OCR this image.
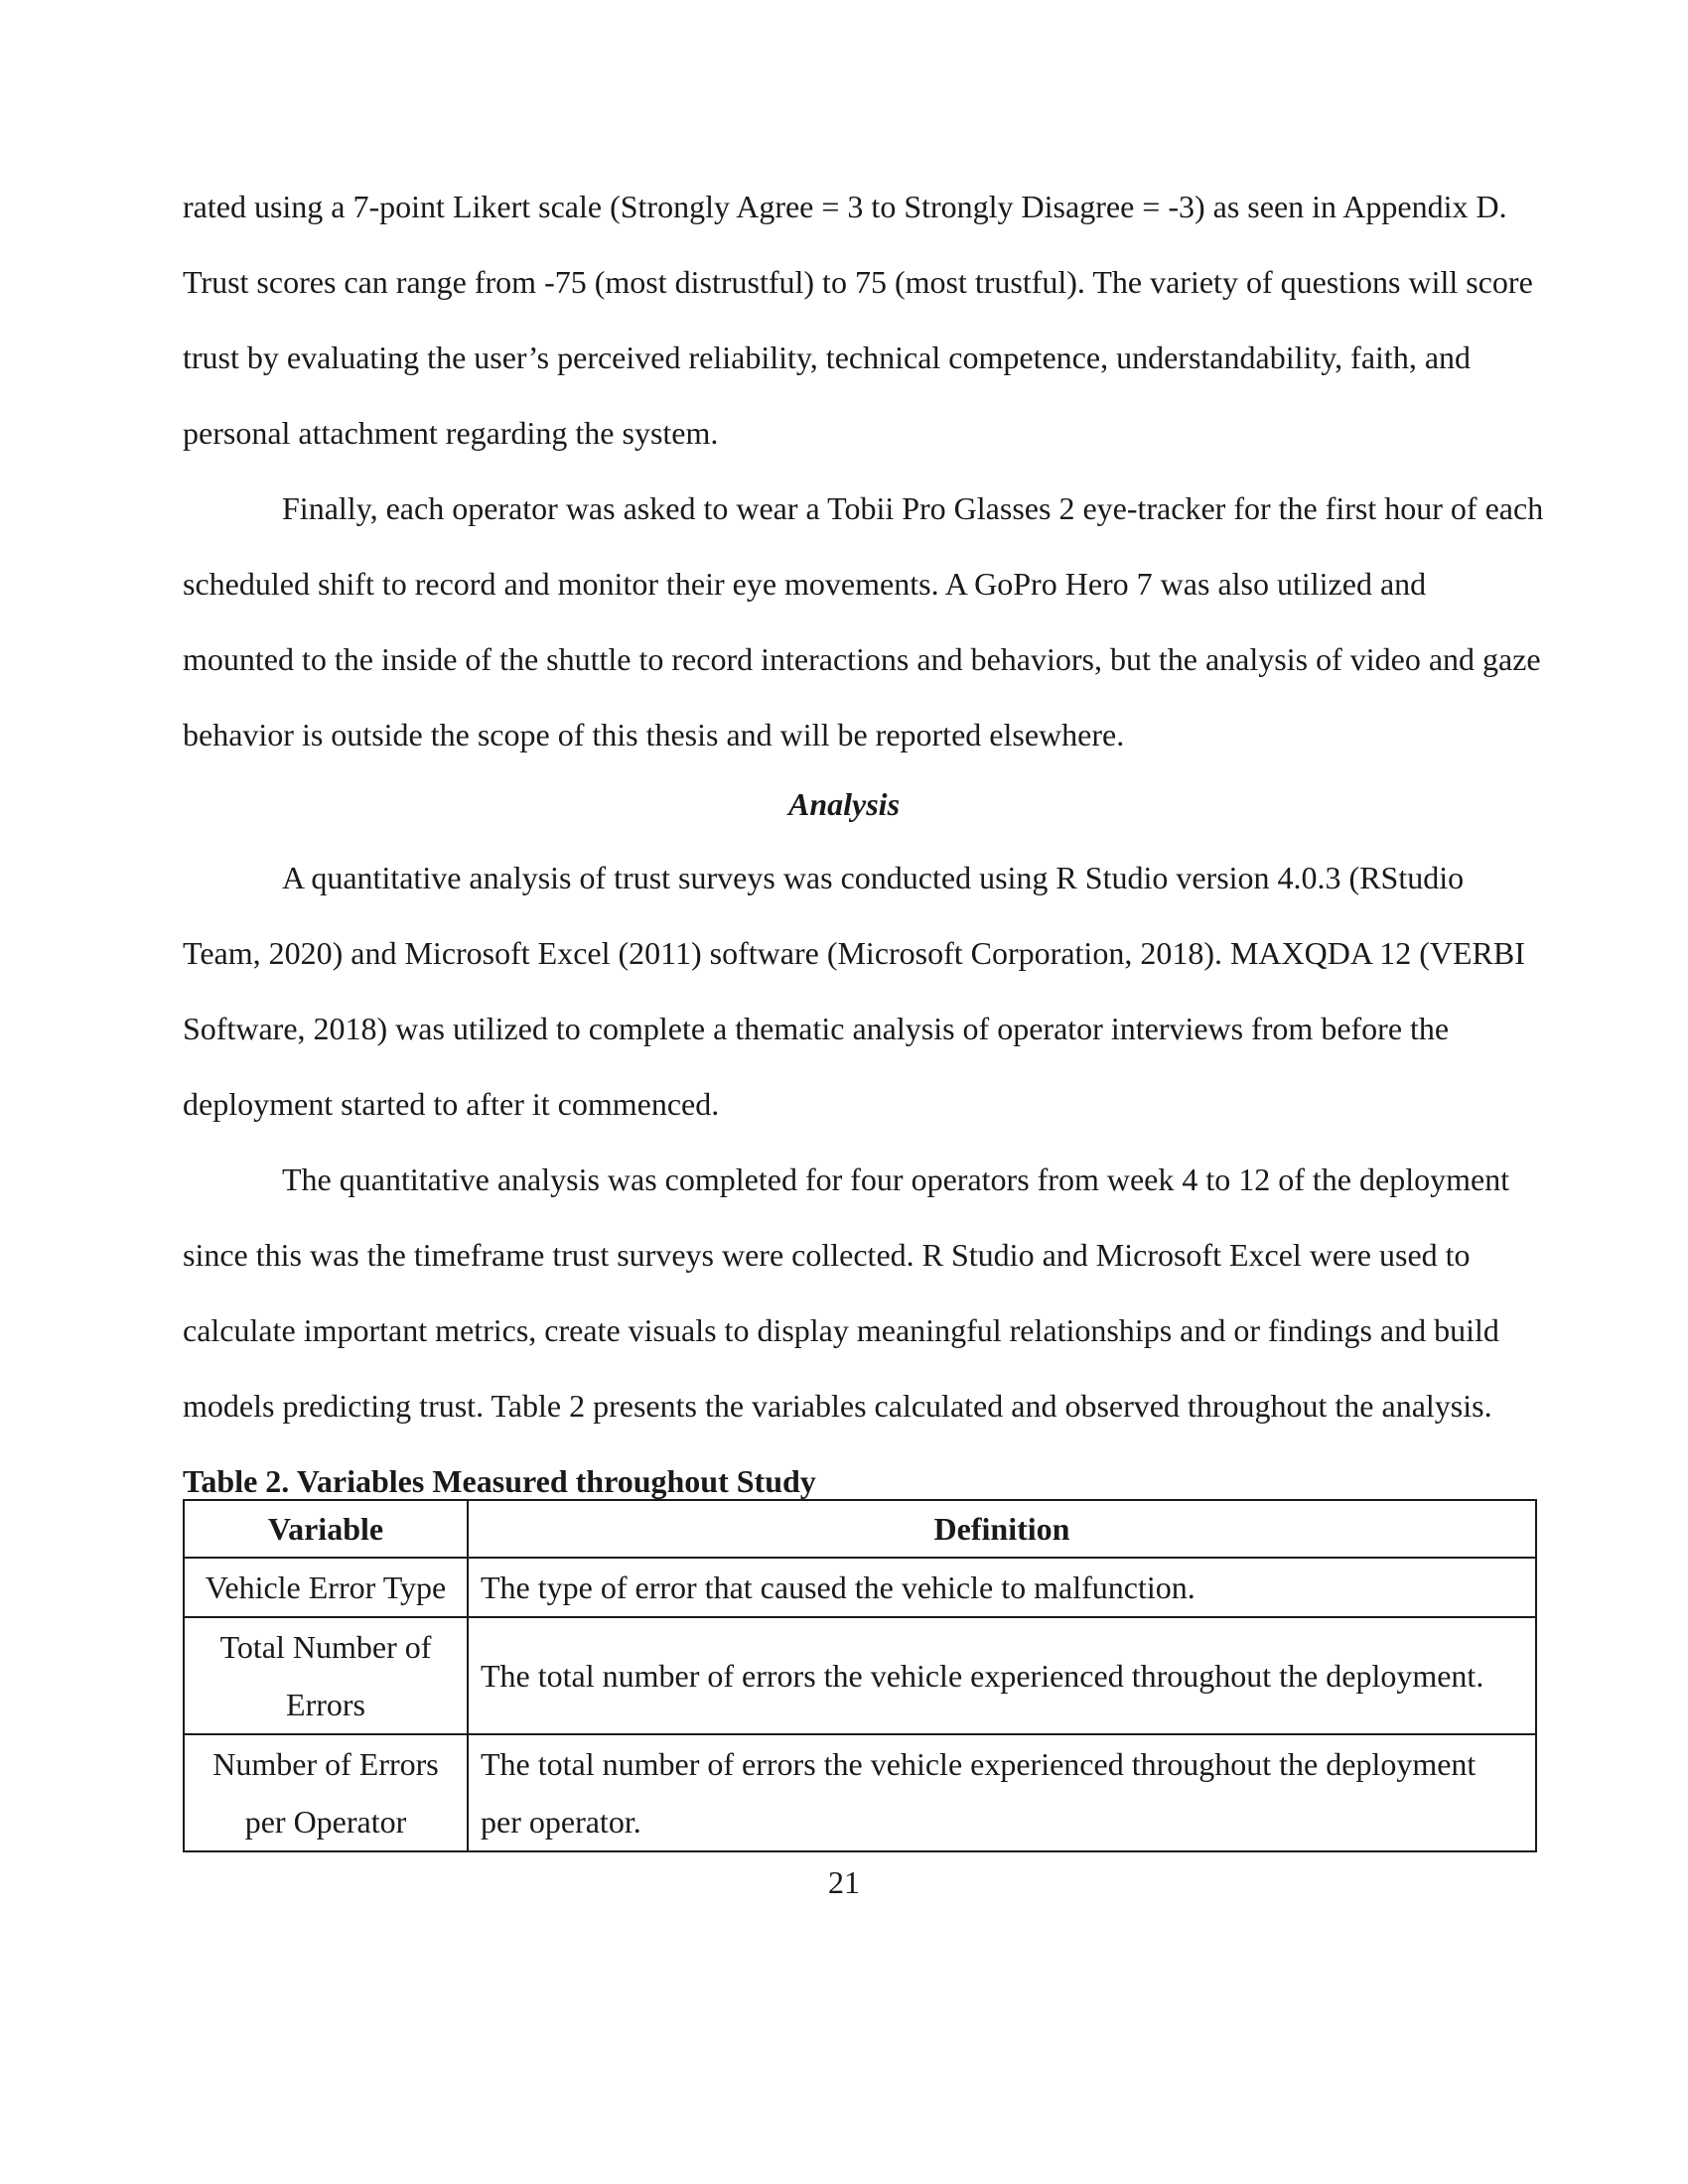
rated using a 7-point Likert scale (Strongly Agree = 3 to Strongly Disagree = -3) as seen in Appendix D. Trust scores can range from -75 (most distrustful) to 75 (most trustful). The variety of questions will score trust by evaluating the user’s perceived reliability, technical competence, understandability, faith, and personal attachment regarding the system.

Finally, each operator was asked to wear a Tobii Pro Glasses 2 eye-tracker for the first hour of each scheduled shift to record and monitor their eye movements. A GoPro Hero 7 was also utilized and mounted to the inside of the shuttle to record interactions and behaviors, but the analysis of video and gaze behavior is outside the scope of this thesis and will be reported elsewhere.

Analysis

A quantitative analysis of trust surveys was conducted using R Studio version 4.0.3 (RStudio Team, 2020) and Microsoft Excel (2011) software (Microsoft Corporation, 2018). MAXQDA 12 (VERBI Software, 2018) was utilized to complete a thematic analysis of operator interviews from before the deployment started to after it commenced.

The quantitative analysis was completed for four operators from week 4 to 12 of the deployment since this was the timeframe trust surveys were collected. R Studio and Microsoft Excel were used to calculate important metrics, create visuals to display meaningful relationships and or findings and build models predicting trust. Table 2 presents the variables calculated and observed throughout the analysis.

Table 2. Variables Measured throughout Study

Variable	Definition
Vehicle Error Type	The type of error that caused the vehicle to malfunction.
Total Number of Errors	The total number of errors the vehicle experienced throughout the deployment.
Number of Errors per Operator	The total number of errors the vehicle experienced throughout the deployment per operator.

21
